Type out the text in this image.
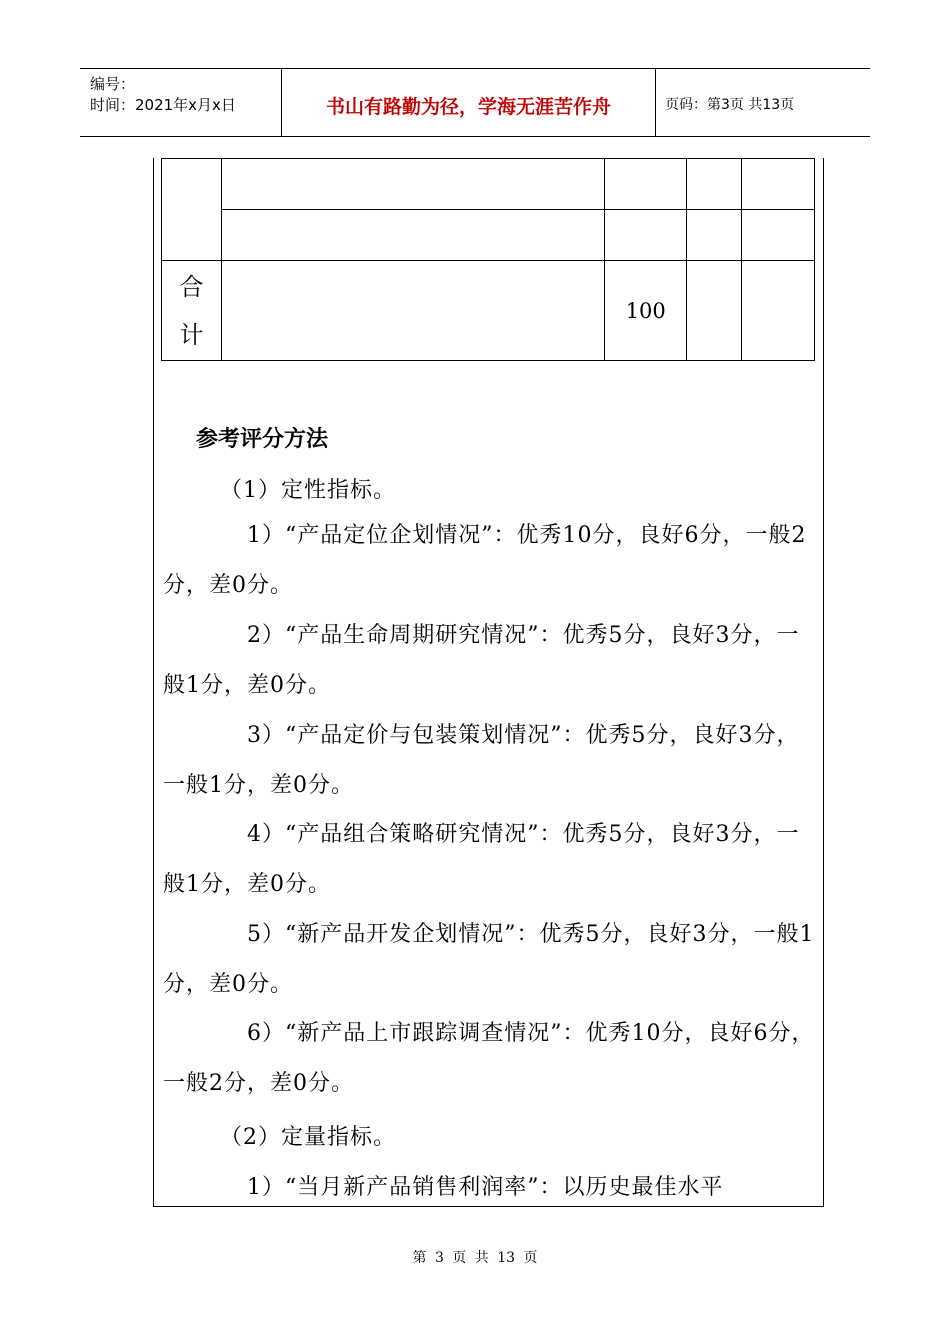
编号：
时间：2021年x月x日	书山有路勤为径，学海无涯苦作舟	页码：第3页 共13页

合
计		100		
参考评分方法
（1）定性指标。
1）“产品定位企划情况”：优秀10分，良好6分，一般2分，差0分。
2）“产品生命周期研究情况”：优秀5分，良好3分，一般1分，差0分。
3）“产品定价与包装策划情况”：优秀5分，良好3分，一般1分，差0分。
4）“产品组合策略研究情况”：优秀5分，良好3分，一般1分，差0分。
5）“新产品开发企划情况”：优秀5分，良好3分，一般1分，差0分。
6）“新产品上市跟踪调查情况”：优秀10分，良好6分，一般2分，差0分。
（2）定量指标。
1）“当月新产品销售利润率”：以历史最佳水平
第 3 页 共 13 页
